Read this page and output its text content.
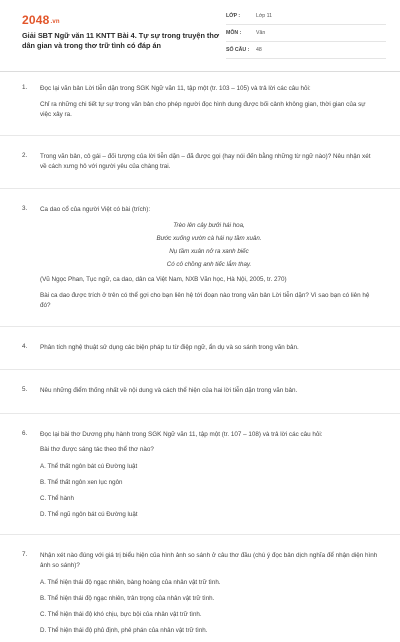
2048.vn
Giải SBT Ngữ văn 11 KNTT Bài 4. Tự sự trong truyện thơ dân gian và trong thơ trữ tình có đáp án
LỚP :	Lớp 11
MÔN :	Văn
SỐ CÂU :	48
1. Đọc lại văn bản Lời tiễn dặn trong SGK Ngữ văn 11, tập một (tr. 103 – 105) và trả lời các câu hỏi:
Chỉ ra những chi tiết tự sự trong văn bản cho phép người đọc hình dung được bối cảnh không gian, thời gian của sự việc xảy ra.
2. Trong văn bản, cô gái – đối tượng của lời tiễn dặn – đã được gọi (hay nói đến bằng những từ ngữ nào)? Nêu nhận xét về cách xưng hô với người yêu của chàng trai.
3. Ca dao cổ của người Việt có bài (trích):
Trèo lên cây bưởi hái hoa,
Bước xuống vườn cà hái nụ tầm xuân.
Nụ tầm xuân nở ra xanh biếc
Có cô chồng anh tiếc lắm thay.
(Vũ Ngọc Phan, Tục ngữ, ca dao, dân ca Việt Nam, NXB Văn học, Hà Nội, 2005, tr. 270)
Bài ca dao được trích ở trên có thể gợi cho bạn liên hệ tới đoạn nào trong văn bản Lời tiễn dặn? Vì sao bạn có liên hệ đó?
4. Phân tích nghệ thuật sử dụng các biện pháp tu từ điệp ngữ, ẩn dụ và so sánh trong văn bản.
5. Nêu những điểm thống nhất về nội dung và cách thể hiện của hai lời tiễn dặn trong văn bản.
6. Đọc lại bài thơ Dương phụ hành trong SGK Ngữ văn 11, tập một (tr. 107 – 108) và trả lời các câu hỏi:
Bài thơ được sáng tác theo thể thơ nào?
A. Thể thất ngôn bát cú Đường luật
B. Thể thất ngôn xen lục ngôn
C. Thể hành
D. Thể ngũ ngôn bát cú Đường luật
7. Nhận xét nào đúng với giá trị biểu hiện của hình ảnh so sánh ở câu thơ đầu (chú ý đọc bản dịch nghĩa để nhận diện hình ảnh so sánh)?
A. Thể hiện thái độ ngạc nhiên, bàng hoàng của nhân vật trữ tình.
B. Thể hiện thái độ ngạc nhiên, trân trọng của nhân vật trữ tình.
C. Thể hiện thái độ khó chịu, bực bội của nhân vật trữ tình.
D. Thể hiện thái độ phủ định, phê phán của nhân vật trữ tình.
